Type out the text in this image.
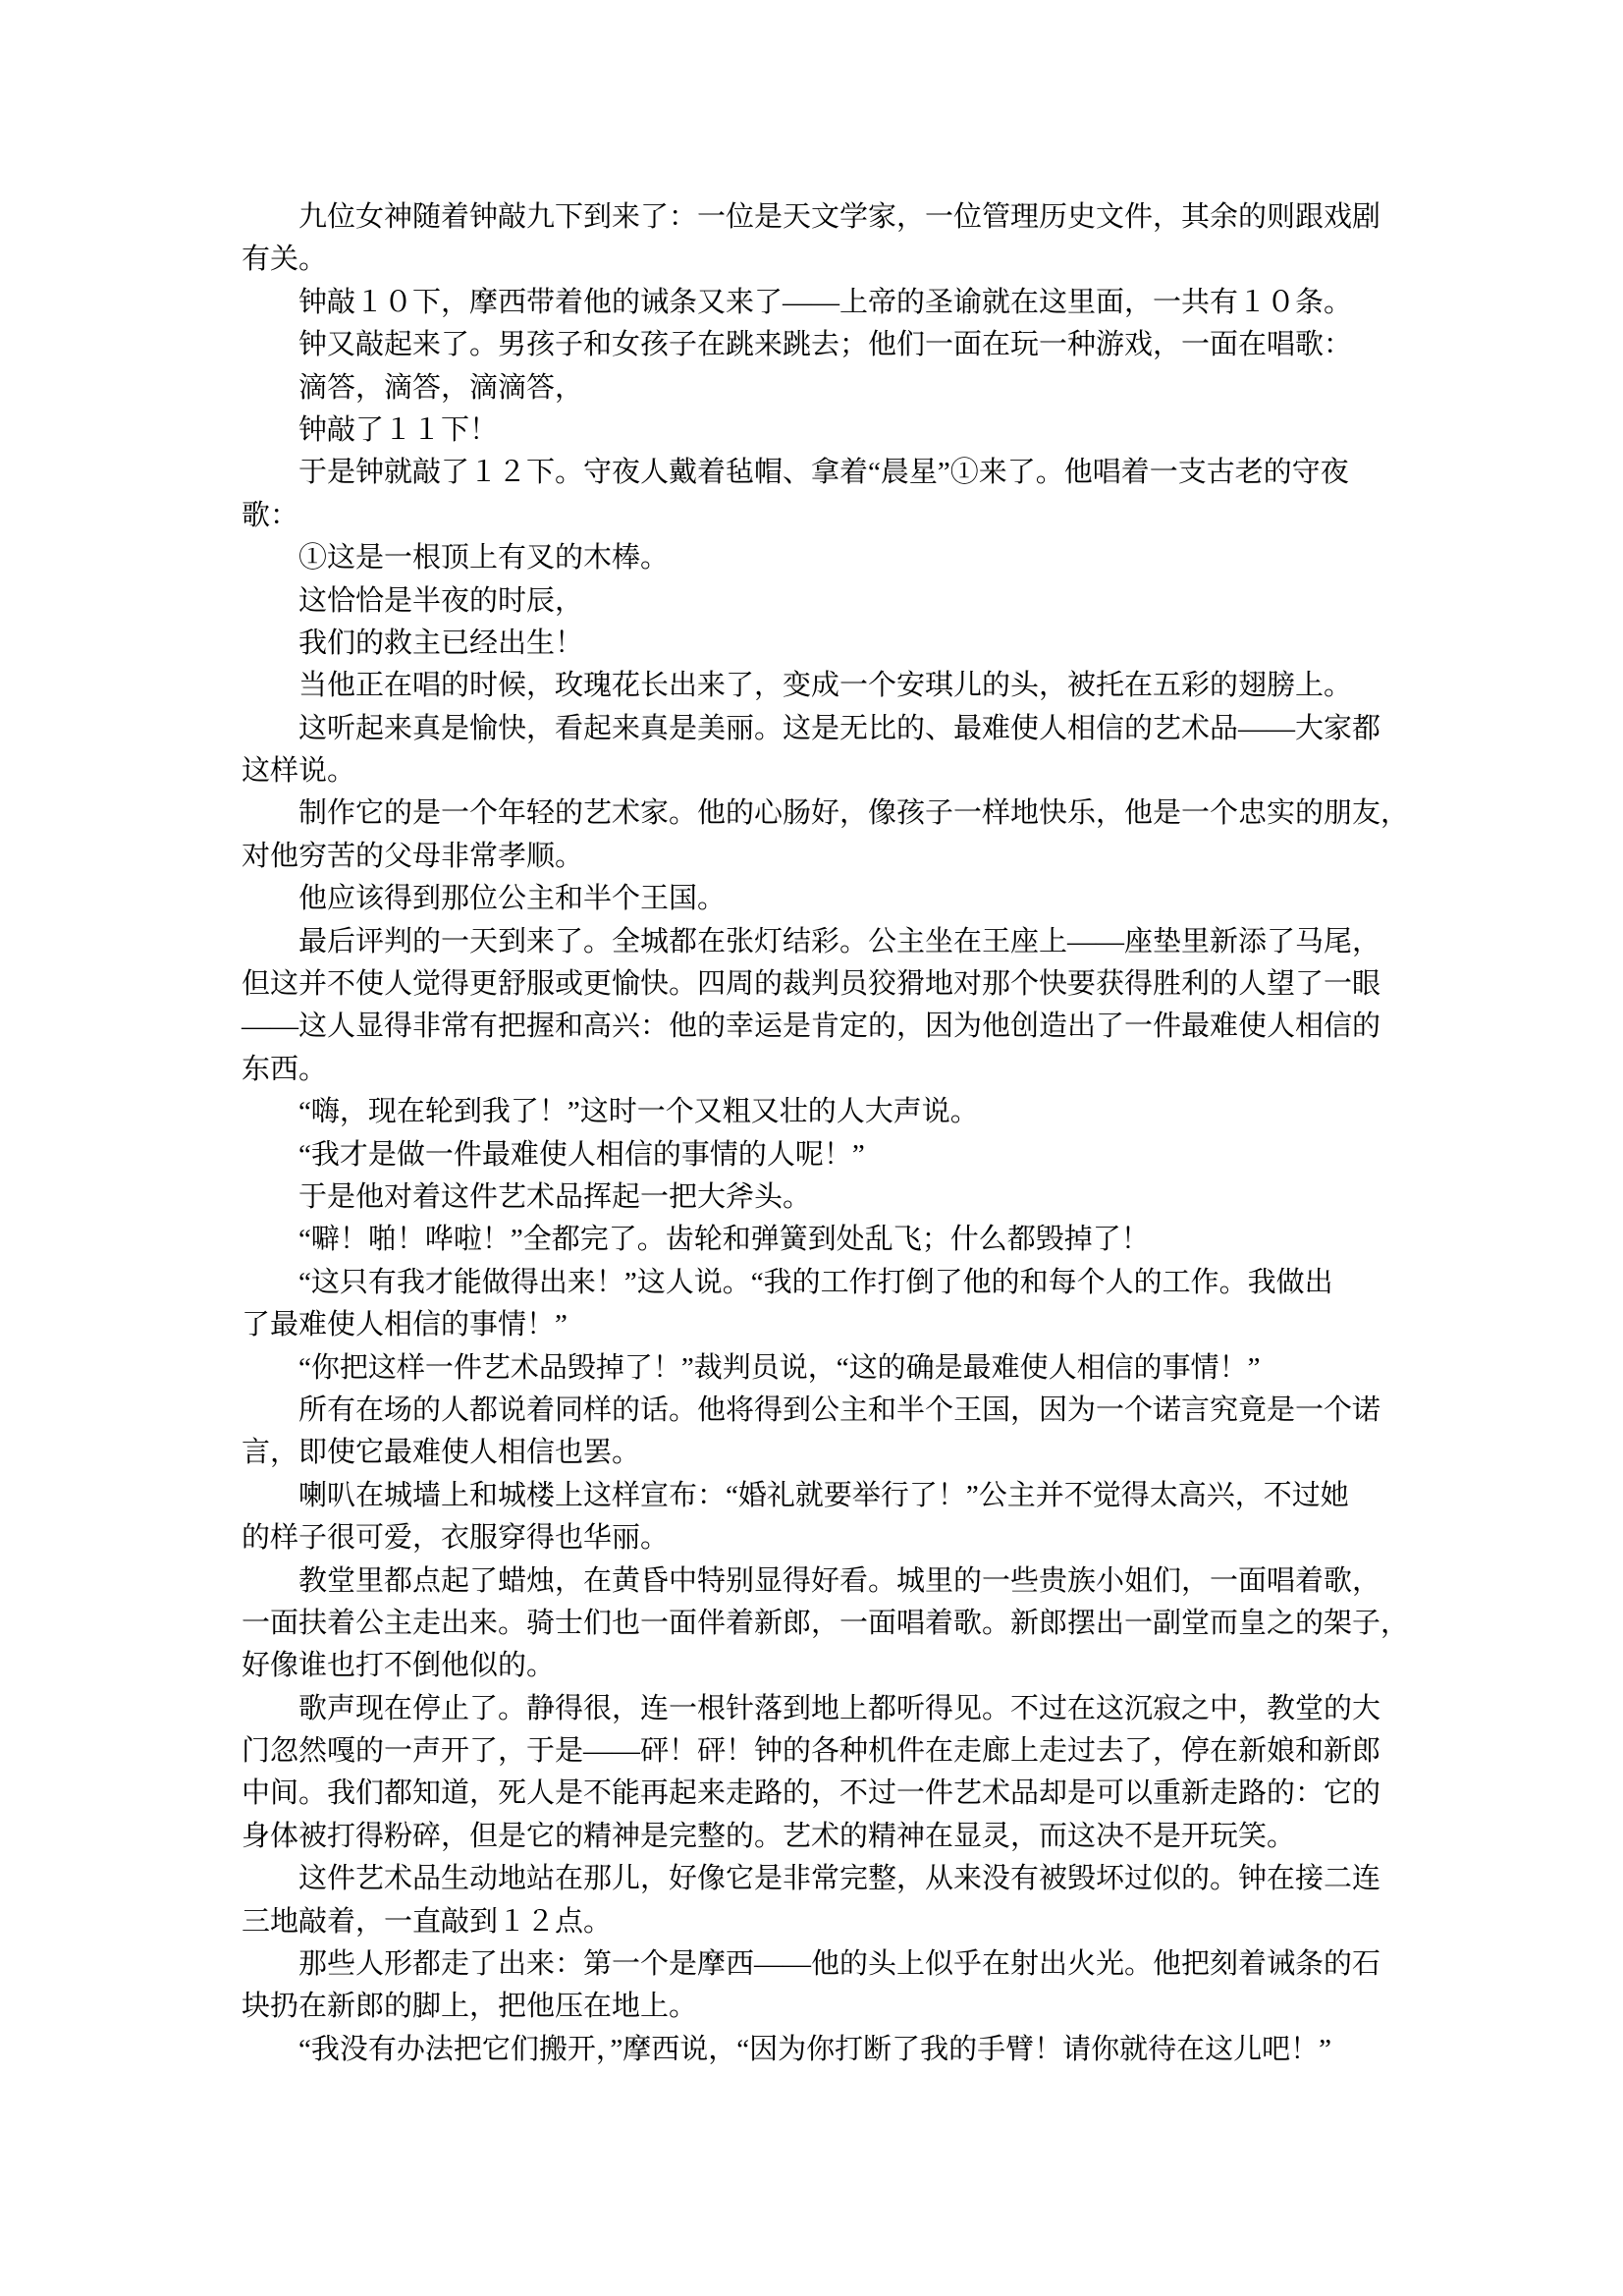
九位女神随着钟敲九下到来了：一位是天文学家，一位管理历史文件，其余的则跟戏剧
有关。
钟敲１０下，摩西带着他的诫条又来了——上帝的圣谕就在这里面，一共有１０条。
钟又敲起来了。男孩子和女孩子在跳来跳去；他们一面在玩一种游戏，一面在唱歌：
滴答，滴答，滴滴答，
钟敲了１１下！
于是钟就敲了１２下。守夜人戴着毡帽、拿着“晨星”①来了。他唱着一支古老的守夜
歌：
①这是一根顶上有叉的木棒。
这恰恰是半夜的时辰，
我们的救主已经出生！
当他正在唱的时候，玫瑰花长出来了，变成一个安琪儿的头，被托在五彩的翅膀上。
这听起来真是愉快，看起来真是美丽。这是无比的、最难使人相信的艺术品——大家都
这样说。
制作它的是一个年轻的艺术家。他的心肠好，像孩子一样地快乐，他是一个忠实的朋友，
对他穷苦的父母非常孝顺。
他应该得到那位公主和半个王国。
最后评判的一天到来了。全城都在张灯结彩。公主坐在王座上——座垫里新添了马尾，
但这并不使人觉得更舒服或更愉快。四周的裁判员狡猾地对那个快要获得胜利的人望了一眼
——这人显得非常有把握和高兴：他的幸运是肯定的，因为他创造出了一件最难使人相信的
东西。
“嗨，现在轮到我了！”这时一个又粗又壮的人大声说。
“我才是做一件最难使人相信的事情的人呢！”
于是他对着这件艺术品挥起一把大斧头。
“噼！啪！哗啦！”全都完了。齿轮和弹簧到处乱飞；什么都毁掉了！
“这只有我才能做得出来！”这人说。“我的工作打倒了他的和每个人的工作。我做出
了最难使人相信的事情！”
“你把这样一件艺术品毁掉了！”裁判员说，“这的确是最难使人相信的事情！”
所有在场的人都说着同样的话。他将得到公主和半个王国，因为一个诺言究竟是一个诺
言，即使它最难使人相信也罢。
喇叭在城墙上和城楼上这样宣布：“婚礼就要举行了！”公主并不觉得太高兴，不过她
的样子很可爱，衣服穿得也华丽。
教堂里都点起了蜡烛，在黄昏中特别显得好看。城里的一些贵族小姐们，一面唱着歌，
一面扶着公主走出来。骑士们也一面伴着新郎，一面唱着歌。新郎摆出一副堂而皇之的架子，
好像谁也打不倒他似的。
歌声现在停止了。静得很，连一根针落到地上都听得见。不过在这沉寂之中，教堂的大
门忽然嘎的一声开了，于是——砰！砰！钟的各种机件在走廊上走过去了，停在新娘和新郎
中间。我们都知道，死人是不能再起来走路的，不过一件艺术品却是可以重新走路的：它的
身体被打得粉碎，但是它的精神是完整的。艺术的精神在显灵，而这决不是开玩笑。
这件艺术品生动地站在那儿，好像它是非常完整，从来没有被毁坏过似的。钟在接二连
三地敲着，一直敲到１２点。
那些人形都走了出来：第一个是摩西——他的头上似乎在射出火光。他把刻着诫条的石
块扔在新郎的脚上，把他压在地上。
“我没有办法把它们搬开，”摩西说，“因为你打断了我的手臂！请你就待在这儿吧！”
